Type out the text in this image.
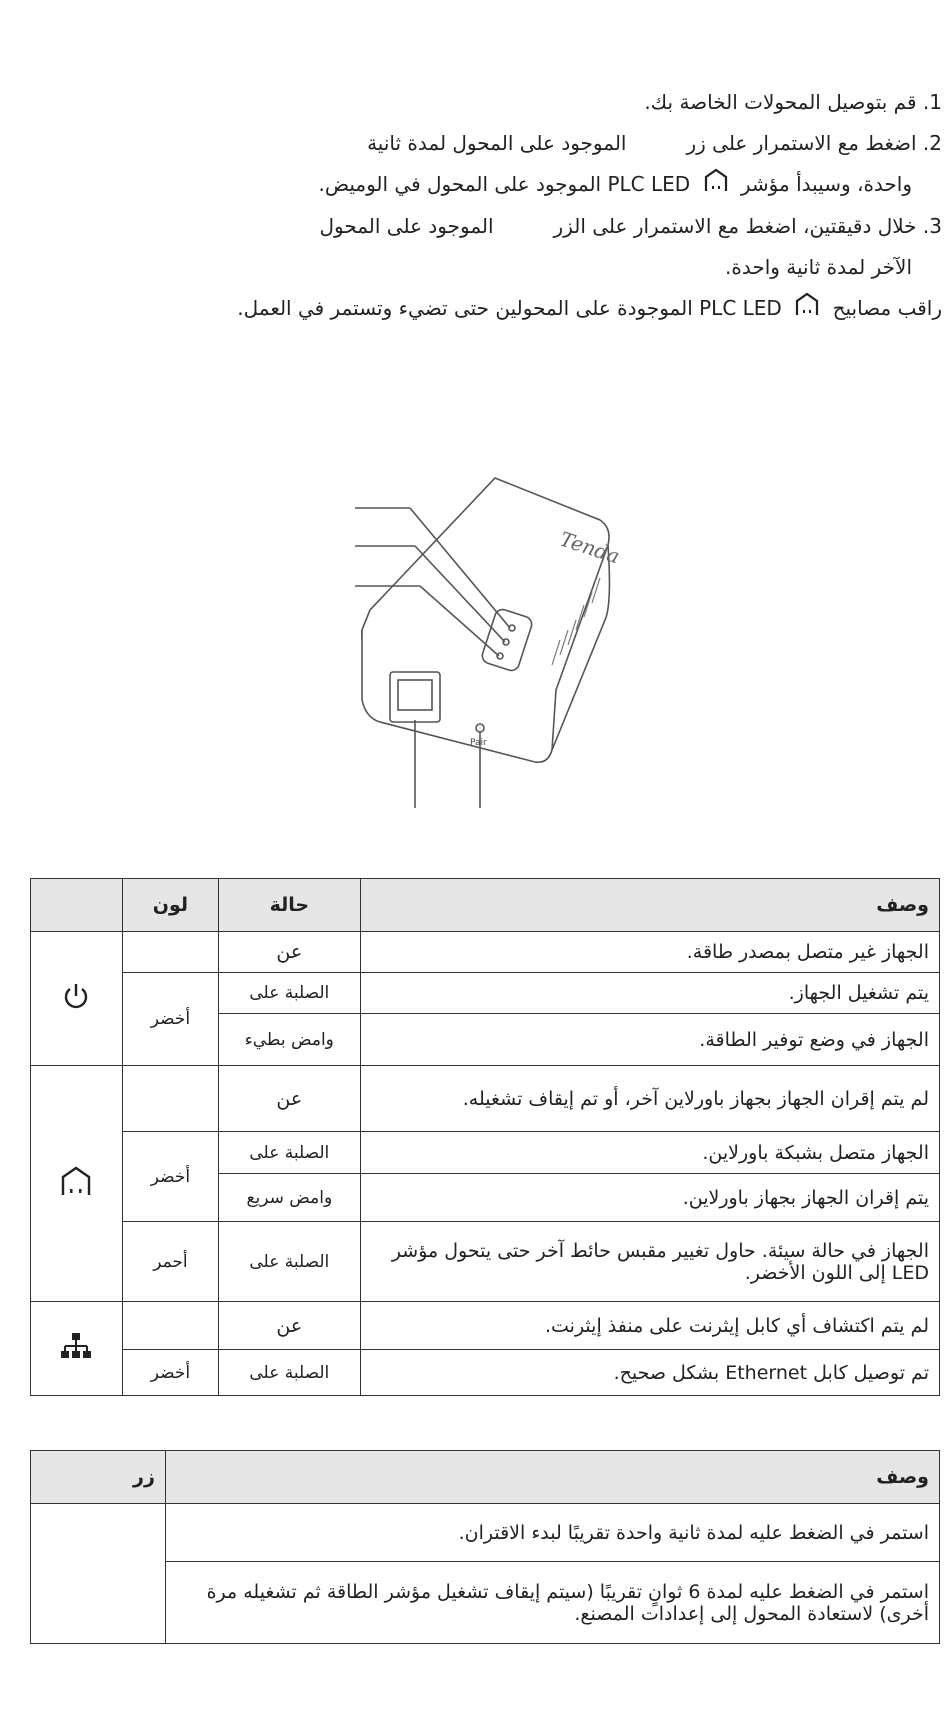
1. قم بتوصيل المحولات الخاصة بك.

2. اضغط مع الاستمرار على زرالموجود على المحول لمدة ثانية

واحدة، وسيبدأ مؤشر  PLC LED الموجود على المحول في الوميض.

3. خلال دقيقتين، اضغط مع الاستمرار على الزرالموجود على المحول

الآخر لمدة ثانية واحدة.

راقب مصابيح  PLC LED الموجودة على المحولين حتى تضيء وتستمر في العمل.

Tenda
Pair
وصف	حالة	لون	
الجهاز غير متصل بمصدر طاقة.	عن		
يتم تشغيل الجهاز.	الصلبة على	أخضر	
الجهاز في وضع توفير الطاقة.	وامض بطيء		
لم يتم إقران الجهاز بجهاز باورلاين آخر، أو تم إيقاف تشغيله.	عن		
الجهاز متصل بشبكة باورلاين.	الصلبة على	أخضر	
يتم إقران الجهاز بجهاز باورلاين.	وامض سريع		
الجهاز في حالة سيئة. حاول تغيير مقبس حائط آخر حتى يتحول مؤشر LED إلى اللون الأخضر.	الصلبة على	أحمر	
لم يتم اكتشاف أي كابل إيثرنت على منفذ إيثرنت.	عن		
تم توصيل كابل Ethernet بشكل صحيح.	الصلبة على	أخضر	
وصف	زر
استمر في الضغط عليه لمدة ثانية واحدة تقريبًا لبدء الاقتران.	
استمر في الضغط عليه لمدة 6 ثوانٍ تقريبًا (سيتم إيقاف تشغيل مؤشر الطاقة ثم تشغيله مرة أخرى) لاستعادة المحول إلى إعدادات المصنع.	
